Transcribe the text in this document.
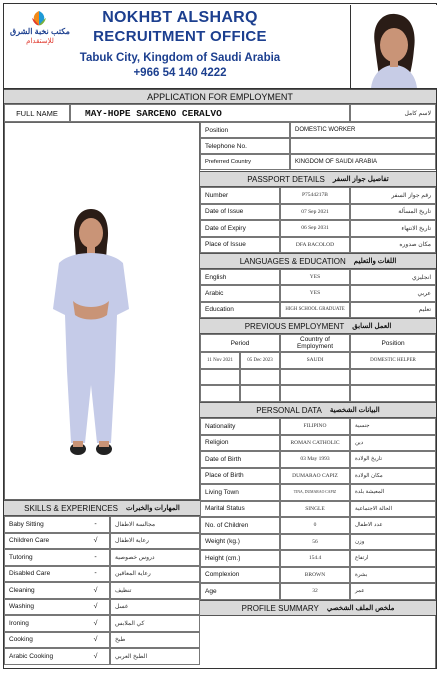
مكتب نخبة الشرق
للإستقدام
NOKHBT ALSHARQ
RECRUITMENT OFFICE
Tabuk City, Kingdom of Saudi Arabia
+966 54 140 4222
APPLICATION FOR EMPLOYMENT
FULL NAME	MAY-HOPE SARCENO CERALVO	لاسم كامل
Position	DOMESTIC WORKER
Telephone No.
Preferred Country	KINGDOM OF SAUDI ARABIA
PASSPORT DETAILS تفاصيل جواز السفر
Number	P7544217B	رقم جواز السفر
Date of Issue	07 Sep 2021	تاريخ المسألة
Date of Expiry	06 Sep 2031	تاريخ الانتهاء
Place of Issue	DFA BACOLOD	مكان صدوره
LANGUAGES & EDUCATION اللغات والتعليم
English	YES	انجليزي
Arabic	YES	عربي
Education	HIGH SCHOOL GRADUATE	تعليم
PREVIOUS EMPLOYMENT العمل السابق
Period	Country of Employment	Position
11 Nov 2021	05 Dec 2023	SAUDI	DOMESTIC HELPER
PERSONAL DATA البيانات الشخصية
Nationality	FILIPINO	جنسية
Religion	ROMAN CATHOLIC	دين
Date of Birth	03 May 1993	تاريخ الولادة
Place of Birth	DUMARAO CAPIZ	مكان الولادة
Living Town	TINA, DUMARAO CAPIZ	المعيشة بلدة
Marital Status	SINGLE	الحالة الاجتماعية
No. of Children	0	عدد الاطفال
Weight (kg.)	56	وزن
Height (cm.)	154.4	ارتفاع
Complexion	BROWN	بشرة
Age	32	عمر
PROFILE SUMMARY ملخص الملف الشخصي
SKILLS & EXPERIENCES المهارات والخبرات
Baby Sitting	-	مجالسة الاطفال
Children Care	√	رعاية الاطفال
Tutoring	-	دروس خصوصية
Disabled Care	-	رعاية المعاقين
Cleaning	√	تنظيف
Washing	√	غسل
Ironing	√	كي الملابس
Cooking	√	طبخ
Arabic Cooking	√	الطبخ العربي
